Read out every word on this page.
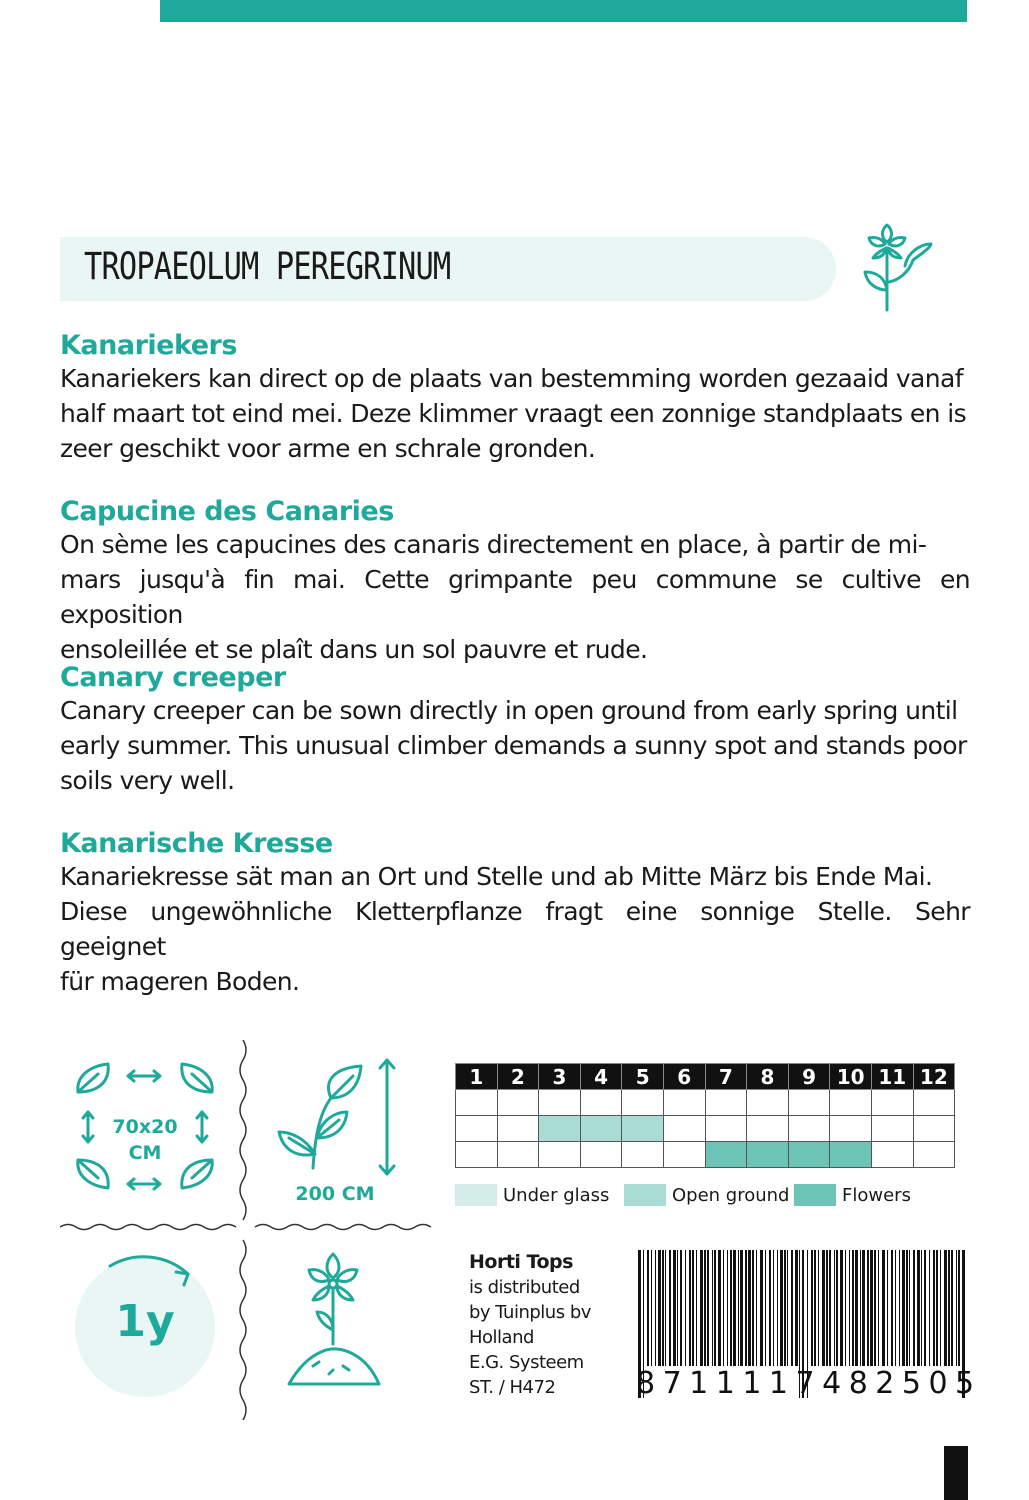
TROPAEOLUM PEREGRINUM
Kanariekers

Kanariekers kan direct op de plaats van bestemming worden gezaaid vanaf
half maart tot eind mei. Deze klimmer vraagt een zonnige standplaats en is
zeer geschikt voor arme en schrale gronden.

Capucine des Canaries

On sème les capucines des canaris directement en place, à partir de mi-
mars jusqu'à fin mai. Cette grimpante peu commune se cultive en exposition
ensoleillée et se plaît dans un sol pauvre et rude.

Canary creeper

Canary creeper can be sown directly in open ground from early spring until
early summer. This unusual climber demands a sunny spot and stands poor
soils very well.

Kanarische Kresse

Kanariekresse sät man an Ort und Stelle und ab Mitte März bis Ende Mai.
Diese ungewöhnliche Kletterpflanze fragt eine sonnige Stelle. Sehr geeignet
für mageren Boden.

70x20
CM
200 CM
1y
1	2	3	4	5	6	7	8	9	10	11	12

Under glass	Open ground	Flowers
Horti Tops
is distributed
by Tuinplus bv
Holland
E.G. Systeem
ST. / H472	8711117482505
